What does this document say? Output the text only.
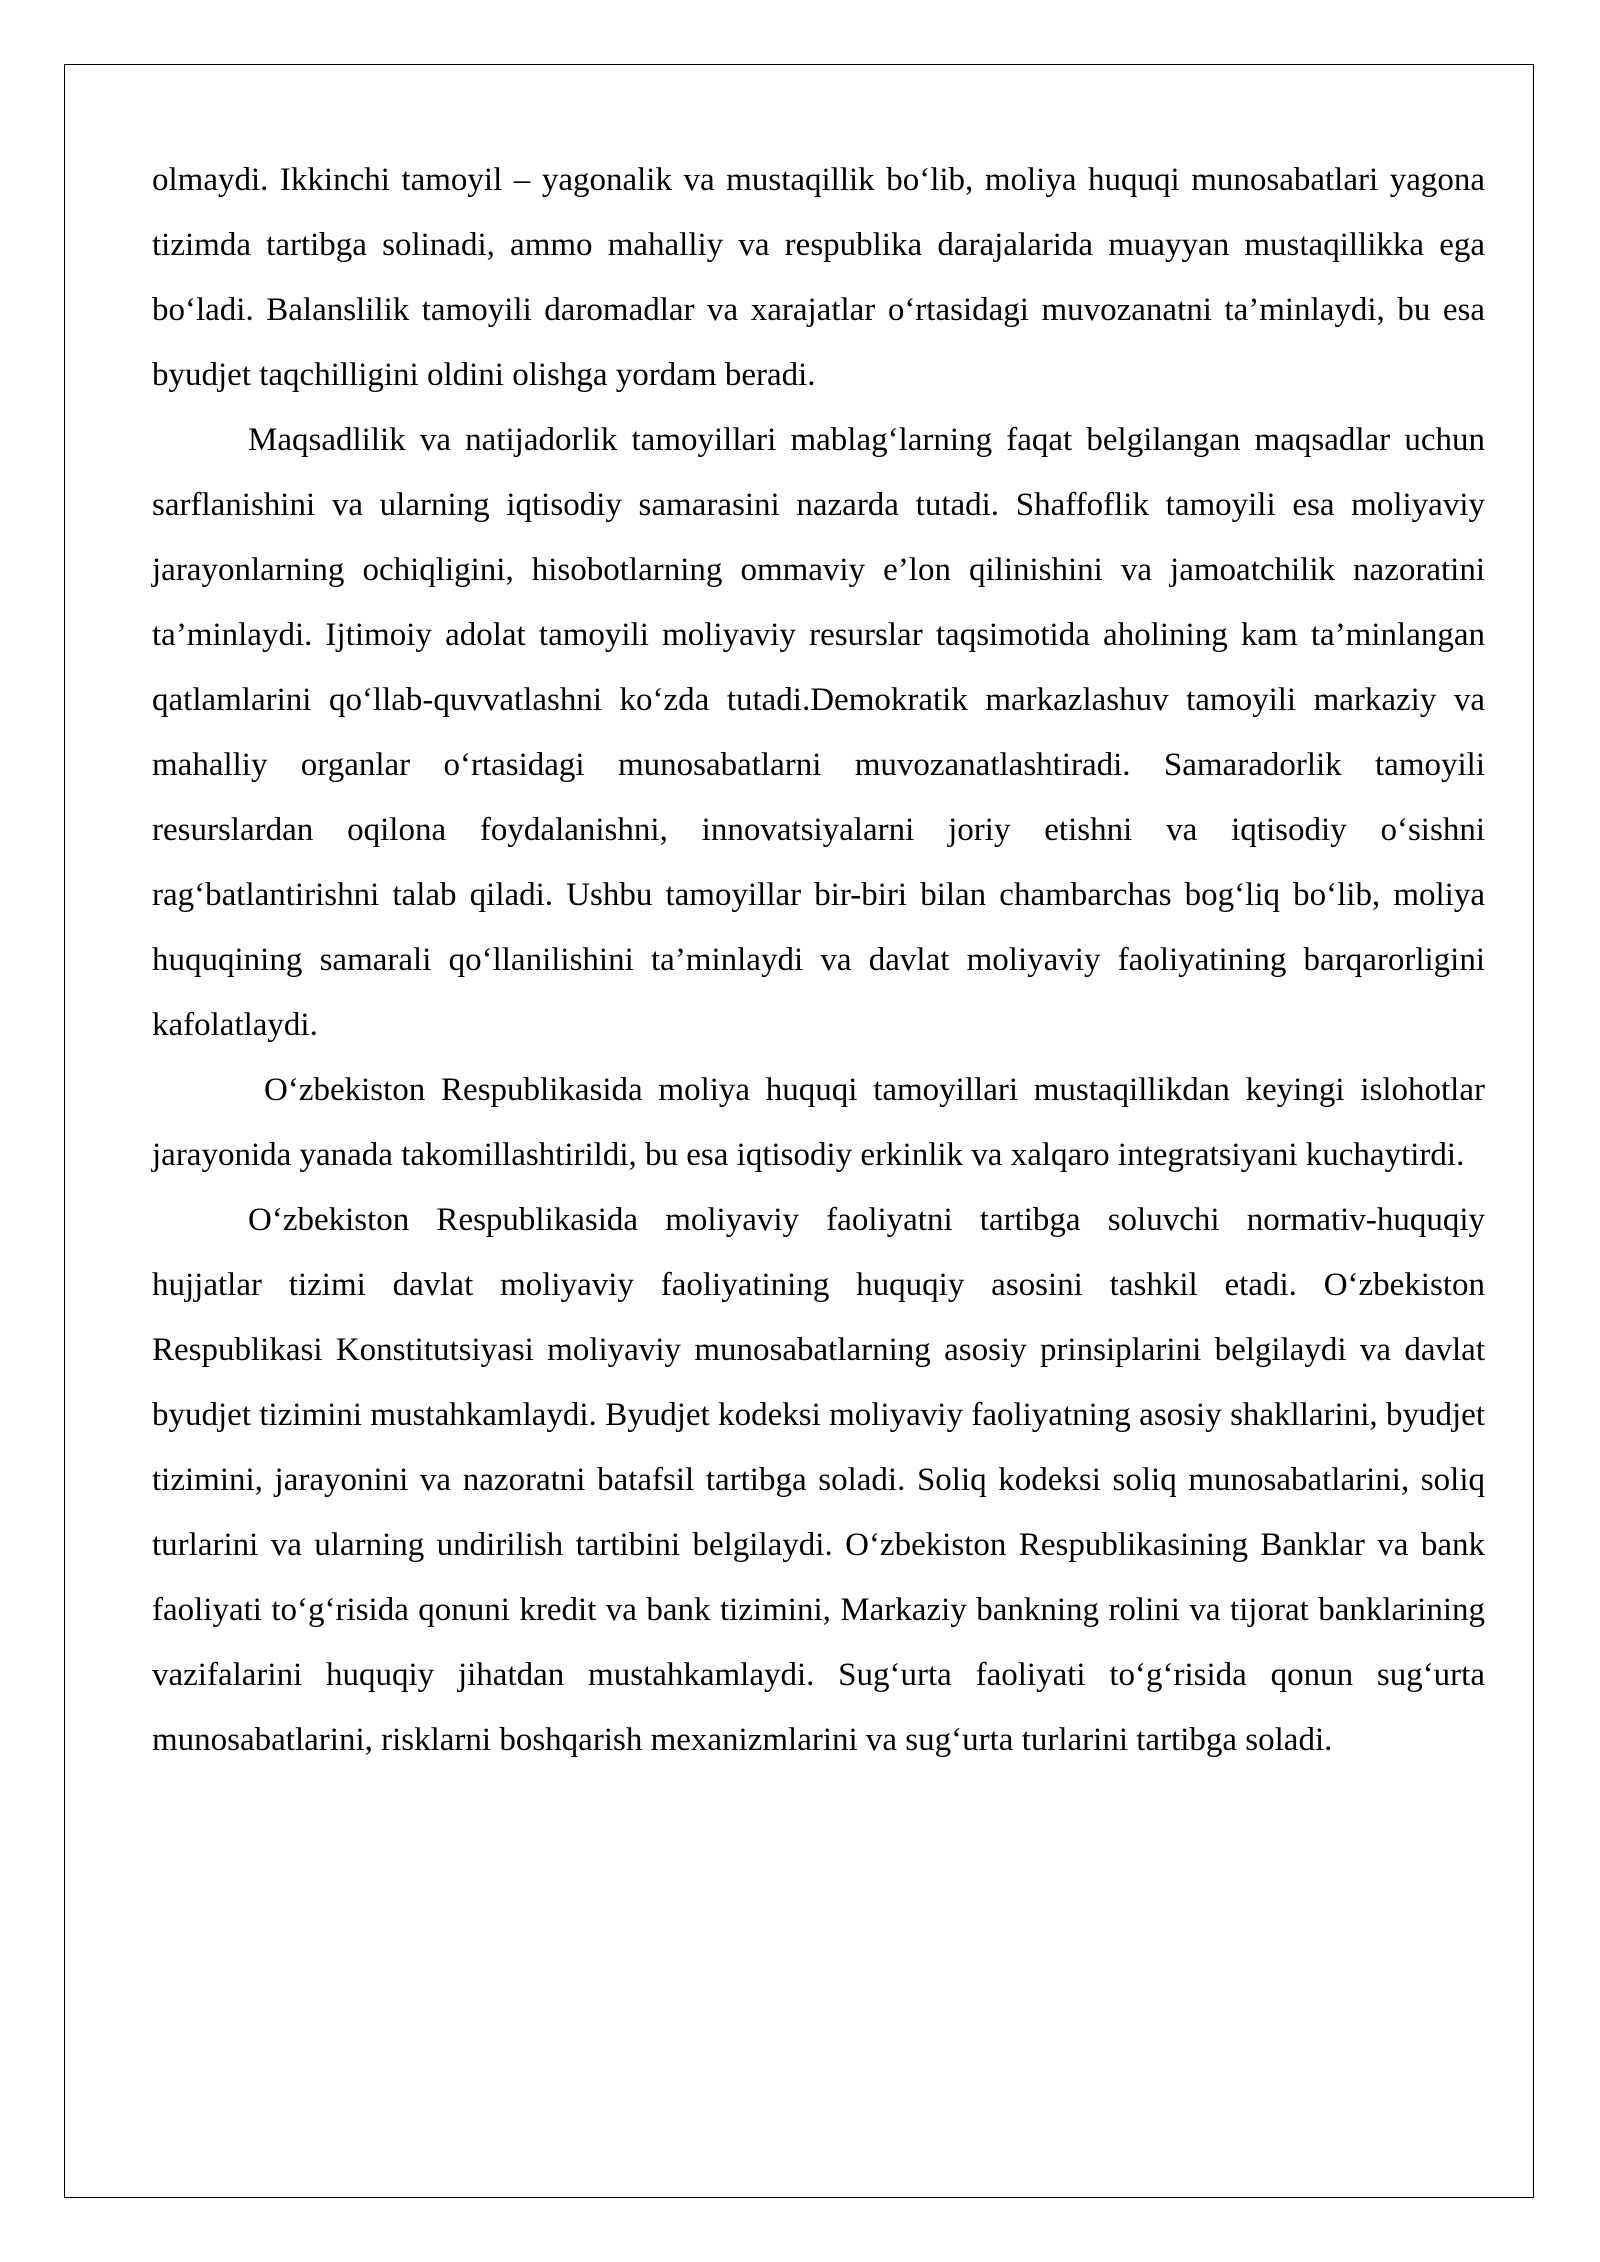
olmaydi. Ikkinchi tamoyil – yagonalik va mustaqillik bo‘lib, moliya huquqi munosabatlari yagona tizimda tartibga solinadi, ammo mahalliy va respublika darajalarida muayyan mustaqillikka ega bo‘ladi. Balanslilik tamoyili daromadlar va xarajatlar o‘rtasidagi muvozanatni ta’minlaydi, bu esa byudjet taqchilligini oldini olishga yordam beradi.

Maqsadlilik va natijadorlik tamoyillari mablag‘larning faqat belgilangan maqsadlar uchun sarflanishini va ularning iqtisodiy samarasini nazarda tutadi. Shaffoflik tamoyili esa moliyaviy jarayonlarning ochiqligini, hisobotlarning ommaviy e’lon qilinishini va jamoatchilik nazoratini ta’minlaydi. Ijtimoiy adolat tamoyili moliyaviy resurslar taqsimotida aholining kam ta’minlangan qatlamlarini qo‘llab-quvvatlashni ko‘zda tutadi.Demokratik markazlashuv tamoyili markaziy va mahalliy organlar o‘rtasidagi munosabatlarni muvozanatlashtiradi. Samaradorlik tamoyili resurslardan oqilona foydalanishni, innovatsiyalarni joriy etishni va iqtisodiy o‘sishni rag‘batlantirishni talab qiladi. Ushbu tamoyillar bir-biri bilan chambarchas bog‘liq bo‘lib, moliya huquqining samarali qo‘llanilishini ta’minlaydi va davlat moliyaviy faoliyatining barqarorligini kafolatlaydi.

O‘zbekiston Respublikasida moliya huquqi tamoyillari mustaqillikdan keyingi islohotlar jarayonida yanada takomillashtirildi, bu esa iqtisodiy erkinlik va xalqaro integratsiyani kuchaytirdi.

O‘zbekiston Respublikasida moliyaviy faoliyatni tartibga soluvchi normativ-huquqiy hujjatlar tizimi davlat moliyaviy faoliyatining huquqiy asosini tashkil etadi. O‘zbekiston Respublikasi Konstitutsiyasi moliyaviy munosabatlarning asosiy prinsiplarini belgilaydi va davlat byudjet tizimini mustahkamlaydi. Byudjet kodeksi moliyaviy faoliyatning asosiy shakllarini, byudjet tizimini, jarayonini va nazoratni batafsil tartibga soladi. Soliq kodeksi soliq munosabatlarini, soliq turlarini va ularning undirilish tartibini belgilaydi. O‘zbekiston Respublikasining Banklar va bank faoliyati to‘g‘risida qonuni kredit va bank tizimini, Markaziy bankning rolini va tijorat banklarining vazifalarini huquqiy jihatdan mustahkamlaydi. Sug‘urta faoliyati to‘g‘risida qonun sug‘urta munosabatlarini, risklarni boshqarish mexanizmlarini va sug‘urta turlarini tartibga soladi.
